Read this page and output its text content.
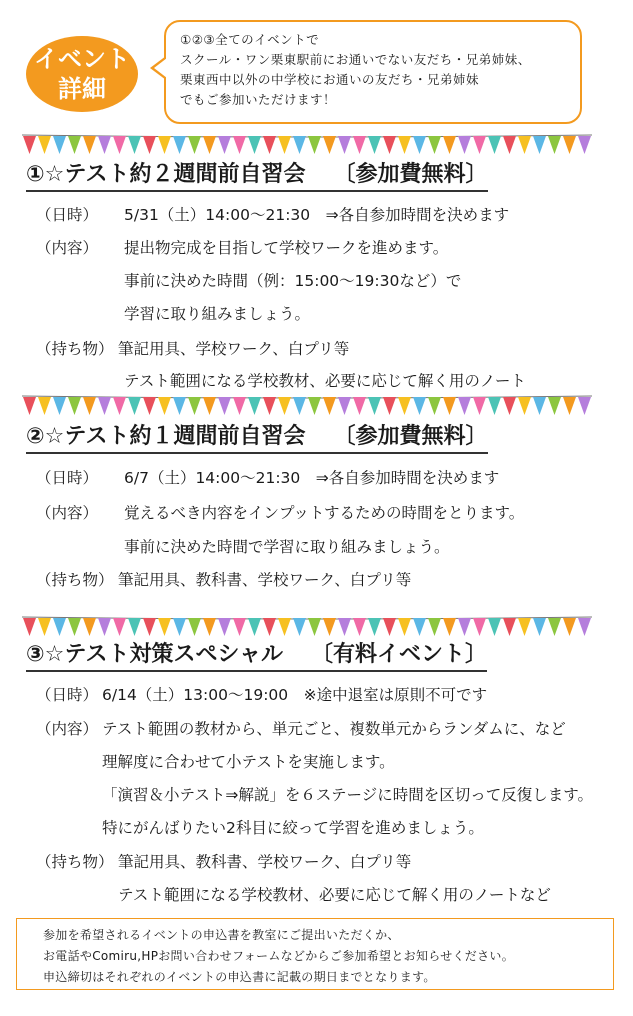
イベント
詳細

①②③全てのイベントで

スクール・ワン栗東駅前にお通いでない友だち・兄弟姉妹、

栗東西中以外の中学校にお通いの友だち・兄弟姉妹

でもご参加いただけます！

①☆テスト約２週間前自習会 〔参加費無料〕
（日時） 5/31（土）14:00〜21:30　⇒各自参加時間を決めます
（内容） 提出物完成を目指して学校ワークを進めます。
事前に決めた時間（例：15:00〜19:30など）で
学習に取り組みましょう。
（持ち物） 筆記用具、学校ワーク、白プリ等
テスト範囲になる学校教材、必要に応じて解く用のノート
②☆テスト約１週間前自習会 〔参加費無料〕
（日時） 6/7（土）14:00〜21:30　⇒各自参加時間を決めます
（内容） 覚えるべき内容をインプットするための時間をとります。
事前に決めた時間で学習に取り組みましょう。
（持ち物） 筆記用具、教科書、学校ワーク、白プリ等
③☆テスト対策スペシャル 〔有料イベント〕
（日時） 6/14（土）13:00〜19:00　※途中退室は原則不可です
（内容） テスト範囲の教材から、単元ごと、複数単元からランダムに、など
理解度に合わせて小テストを実施します。
「演習＆小テスト⇒解説」を６ステージに時間を区切って反復します。
特にがんばりたい2科目に絞って学習を進めましょう。
（持ち物） 筆記用具、教科書、学校ワーク、白プリ等
テスト範囲になる学校教材、必要に応じて解く用のノートなど

参加を希望されるイベントの申込書を教室にご提出いただくか、

お電話やComiru,HPお問い合わせフォームなどからご参加希望とお知らせください。

申込締切はそれぞれのイベントの申込書に記載の期日までとなります。
